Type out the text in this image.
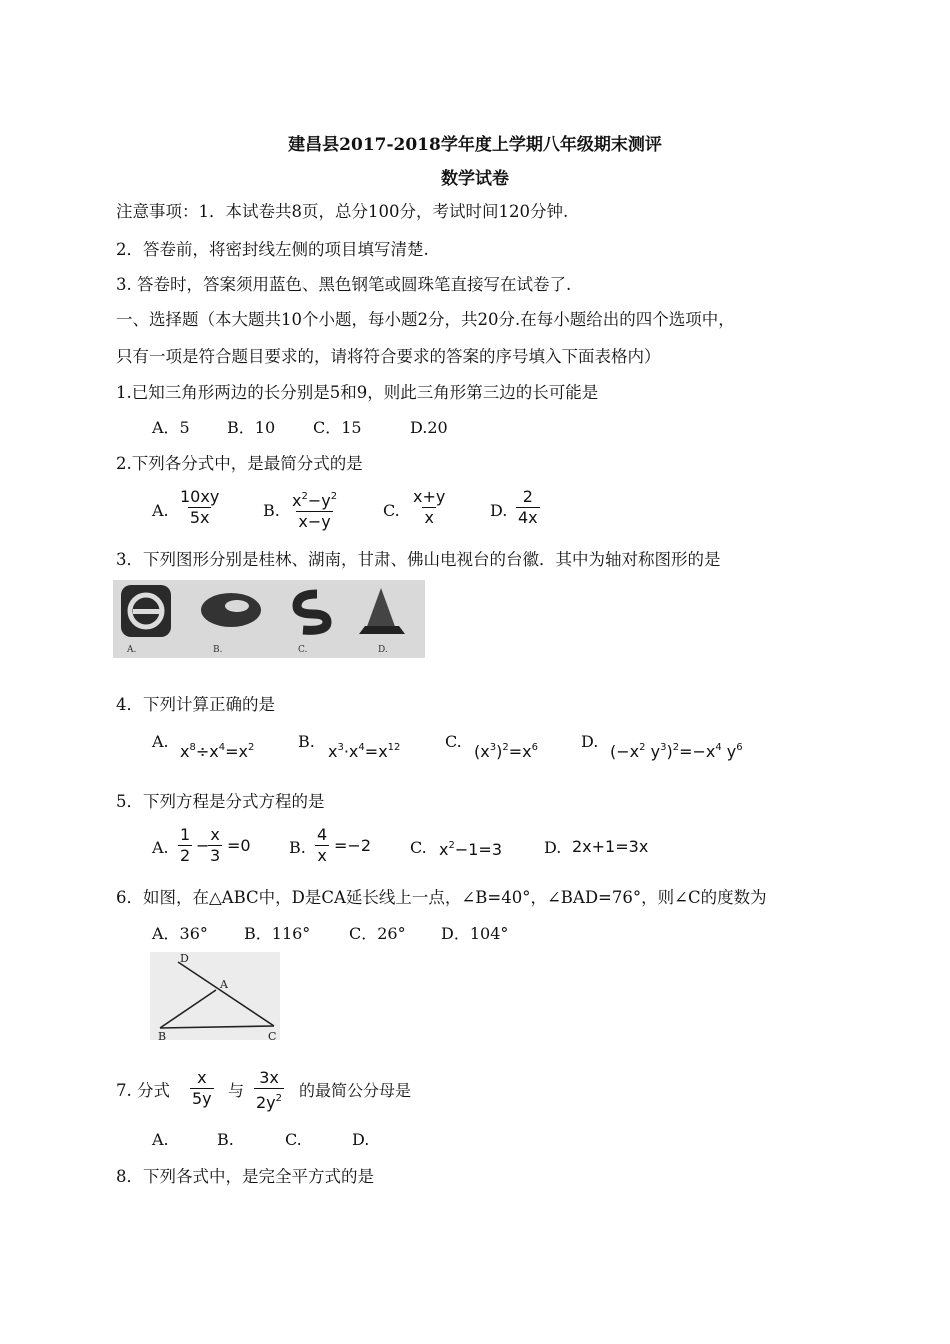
建昌县2017-2018学年度上学期八年级期末测评
数学试卷
注意事项：1．本试卷共8页，总分100分，考试时间120分钟.
2．答卷前，将密封线左侧的项目填写清楚.
3. 答卷时，答案须用蓝色、黑色钢笔或圆珠笔直接写在试卷了.
一、选择题（本大题共10个小题，每小题2分，共20分.在每小题给出的四个选项中，
只有一项是符合题目要求的，请将符合要求的答案的序号填入下面表格内）
1.已知三角形两边的长分别是5和9，则此三角形第三边的长可能是
A．5 B．10 C．15	D.20
2.下列各分式中，是最简分式的是
A. $\frac{10xy}{5x}$	B. $\frac{x^2-y^2}{x-y}$	C. $\frac{x+y}{x}$	D. $\frac{2}{4x}$
3．下列图形分别是桂林、湖南，甘肃、佛山电视台的台徽．其中为轴对称图形的是
A.	B.	C.	D.
4．下列计算正确的是
A.
$x^8\div x^4=x^2$	B.
$x^3\cdot x^4=x^{12}$	C.
$(x^3)^2=x^6$	D.
($-x^2$ $y^3)^2=-x^4$ $y^6$
5．下列方程是分式方程的是
A. $\frac{1}{2}$ −
$\frac{x}{3} =0$ B. $\frac{4}{x} =-2$ C. $x^2-1=3$	D. 2x+1=3x
6．如图，在△ABC中，D是CA延长线上一点，∠B=40°，∠BAD=76°，则∠C的度数为
A．36° B．116° C．26° D．104°
D
A
B	C
7. 分式 $\frac{x}{5y}$ 与 $\frac{3x}{2y^2}$ 的最简公分母是
A.	B.	C.	D.
8．下列各式中，是完全平方式的是
